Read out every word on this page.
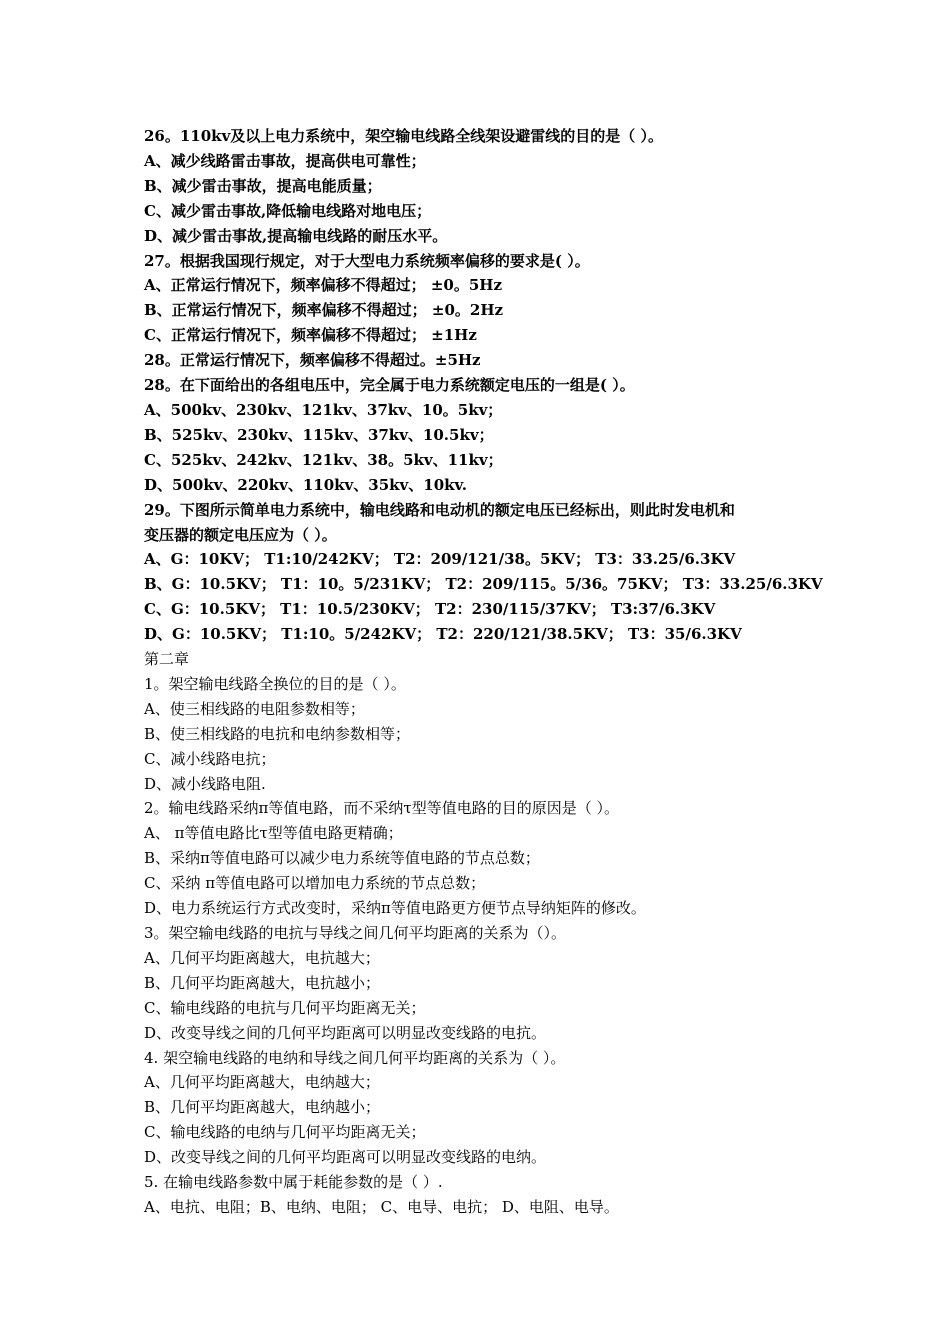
26。110kv及以上电力系统中，架空输电线路全线架设避雷线的目的是（ ）。
A、减少线路雷击事故，提高供电可靠性；
B、减少雷击事故，提高电能质量；
C、减少雷击事故,降低输电线路对地电压；
D、减少雷击事故,提高输电线路的耐压水平。
27。根据我国现行规定，对于大型电力系统频率偏移的要求是( ）。
A、正常运行情况下，频率偏移不得超过； ±0。5Hz
B、正常运行情况下，频率偏移不得超过； ±0。2Hz
C、正常运行情况下，频率偏移不得超过； ±1Hz
28。正常运行情况下，频率偏移不得超过。±5Hz
28。在下面给出的各组电压中，完全属于电力系统额定电压的一组是( ）。
A、500kv、230kv、121kv、37kv、10。5kv；
B、525kv、230kv、115kv、37kv、10.5kv；
C、525kv、242kv、121kv、38。5kv、11kv；
D、500kv、220kv、110kv、35kv、10kv.
29。下图所示简单电力系统中，输电线路和电动机的额定电压已经标出，则此时发电机和
变压器的额定电压应为（ ）。
A、G：10KV； T1:10/242KV； T2：209/121/38。5KV； T3：33.25/6.3KV
B、G：10.5KV； T1：10。5/231KV； T2：209/115。5/36。75KV； T3：33.25/6.3KV
C、G：10.5KV； T1：10.5/230KV； T2：230/115/37KV； T3:37/6.3KV
D、G：10.5KV； T1:10。5/242KV； T2：220/121/38.5KV； T3：35/6.3KV
第二章
1。架空输电线路全换位的目的是（ ）。
A、使三相线路的电阻参数相等；
B、使三相线路的电抗和电纳参数相等；
C、减小线路电抗；
D、减小线路电阻.
2。输电线路采纳π等值电路，而不采纳τ型等值电路的目的原因是（ ）。
A、 π等值电路比τ型等值电路更精确；
B、采纳π等值电路可以减少电力系统等值电路的节点总数；
C、采纳 π等值电路可以增加电力系统的节点总数；
D、电力系统运行方式改变时，采纳π等值电路更方便节点导纳矩阵的修改。
3。架空输电线路的电抗与导线之间几何平均距离的关系为（）。
A、几何平均距离越大，电抗越大；
B、几何平均距离越大，电抗越小；
C、输电线路的电抗与几何平均距离无关；
D、改变导线之间的几何平均距离可以明显改变线路的电抗。
4. 架空输电线路的电纳和导线之间几何平均距离的关系为（ ）。
A、几何平均距离越大，电纳越大；
B、几何平均距离越大，电纳越小；
C、输电线路的电纳与几何平均距离无关；
D、改变导线之间的几何平均距离可以明显改变线路的电纳。
5. 在输电线路参数中属于耗能参数的是（ ）.
A、电抗、电阻；B、电纳、电阻； C、电导、电抗； D、电阻、电导。
